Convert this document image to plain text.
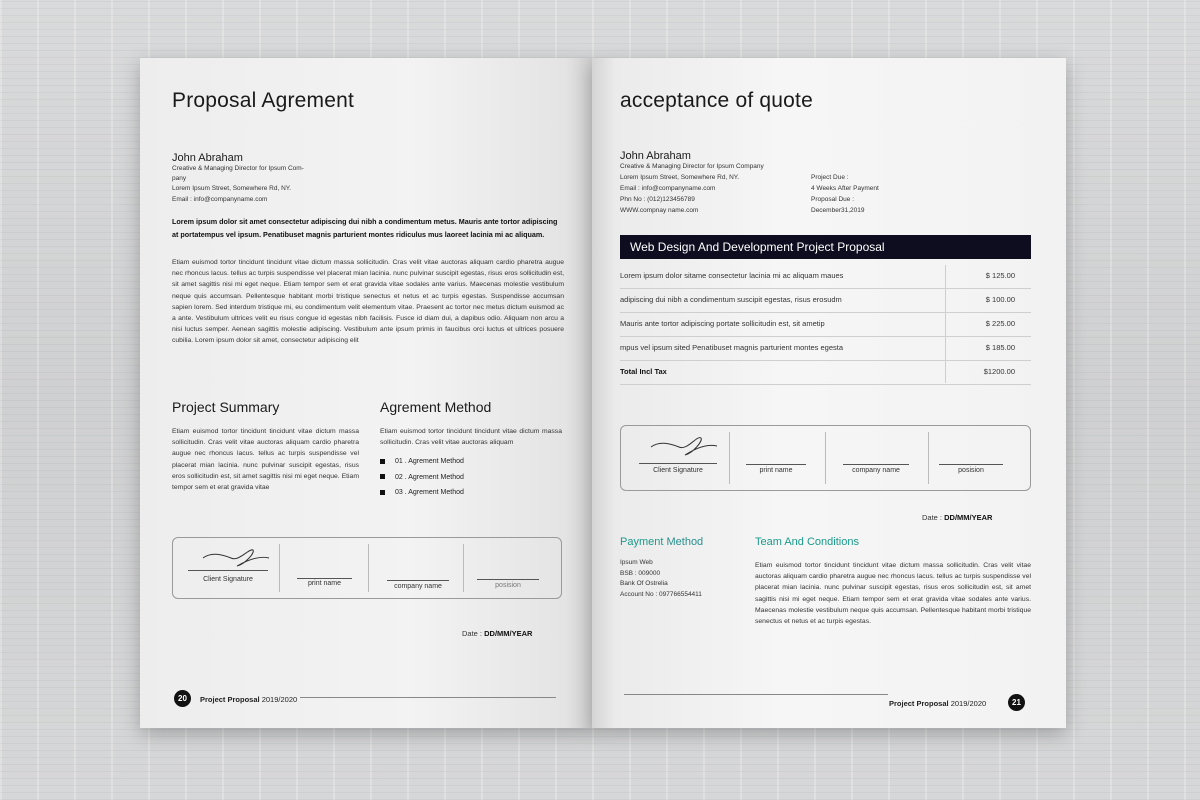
Proposal Agrement
John Abraham
Creative & Managing Director for Ipsum Com-
pany
Lorem Ipsum Street, Somewhere Rd, NY.
Email : info@companyname.com
Lorem ipsum dolor sit amet consectetur adipiscing dui nibh a condimentum metus. Mauris ante tortor adipiscing at portatempus vel ipsum. Penatibuset magnis parturient montes ridiculus mus laoreet lacinia mi ac aliquam.
Etiam euismod tortor tincidunt tincidunt vitae dictum massa sollicitudin. Cras velit vitae auctoras aliquam cardio pharetra augue nec rhoncus lacus. tellus ac turpis suspendisse vel placerat mian lacinia. nunc pulvinar suscipit egestas, risus eros sollicitudin est, sit amet sagittis nisi mi eget neque. Etiam tempor sem et erat gravida vitae sodales ante varius. Maecenas molestie vestibulum neque quis accumsan. Pellentesque habitant morbi tristique senectus et netus et ac turpis egestas. Suspendisse accumsan sapien lorem. Sed interdum tristique mi, eu condimentum velit elementum vitae. Praesent ac tortor nec metus dictum euismod ac a ante. Vestibulum ultrices velit eu risus congue id egestas nibh facilisis. Fusce id diam dui, a dapibus odio. Aliquam non arcu a nisi luctus semper. Aenean sagittis molestie adipiscing. Vestibulum ante ipsum primis in faucibus orci luctus et ultrices posuere cubilia. Lorem ipsum dolor sit amet, consectetur adipiscing elit
Project Summary
Etiam euismod tortor tincidunt tincidunt vitae dictum massa sollicitudin. Cras velit vitae auctoras aliquam cardio pharetra augue nec rhoncus lacus. tellus ac turpis suspendisse vel placerat mian lacinia. nunc pulvinar suscipit egestas, risus eros sollicitudin est, sit amet sagittis nisi mi eget neque. Etiam tempor sem et erat gravida vitae
Agrement Method
Etiam euismod tortor tincidunt tincidunt vitae dictum massa sollicitudin. Cras velit vitae auctoras aliquam
01 . Agrement Method
02 . Agrement Method
03 . Agrement Method
Client Signature
print name	company name	posision
Date : DD/MM/YEAR
20	Project Proposal 2019/2020
acceptance of quote
John Abraham
Creative & Managing Director for Ipsum Company
Lorem Ipsum Street, Somewhere Rd, NY.
Email : info@companyname.com
Phn No : (012)123456789
WWW.compnay name.com
Project Due :
4 Weeks After Payment
Proposal Due :
December31,2019
Web Design And Development Project Proposal
Lorem ipsum dolor sitame consectetur lacinia mi ac aliquam maues	$ 125.00
adipiscing dui nibh a condimentum suscipit egestas, risus erosudm	$ 100.00
Mauris ante tortor adipiscing portate sollicitudin est, sit ametip	$ 225.00
mpus vel ipsum sited Penatibuset magnis parturient montes egesta	$ 185.00
Total Incl Tax	$1200.00
Client Signature	print name	company name	posision
Date : DD/MM/YEAR
Payment Method
Ipsum Web
BSB : 009000
Bank Of Ostrelia
Account No : 097766554411
Team And Conditions
Etiam euismod tortor tincidunt tincidunt vitae dictum massa sollicitudin. Cras velit vitae auctoras aliquam cardio pharetra augue nec rhoncus lacus. tellus ac turpis suspendisse vel placerat mian lacinia. nunc pulvinar suscipit egestas, risus eros sollicitudin est, sit amet sagittis nisi mi eget neque. Etiam tempor sem et erat gravida vitae sodales ante varius. Maecenas molestie vestibulum neque quis accumsan. Pellentesque habitant morbi tristique senectus et netus et ac turpis egestas.
Project Proposal 2019/2020	21
